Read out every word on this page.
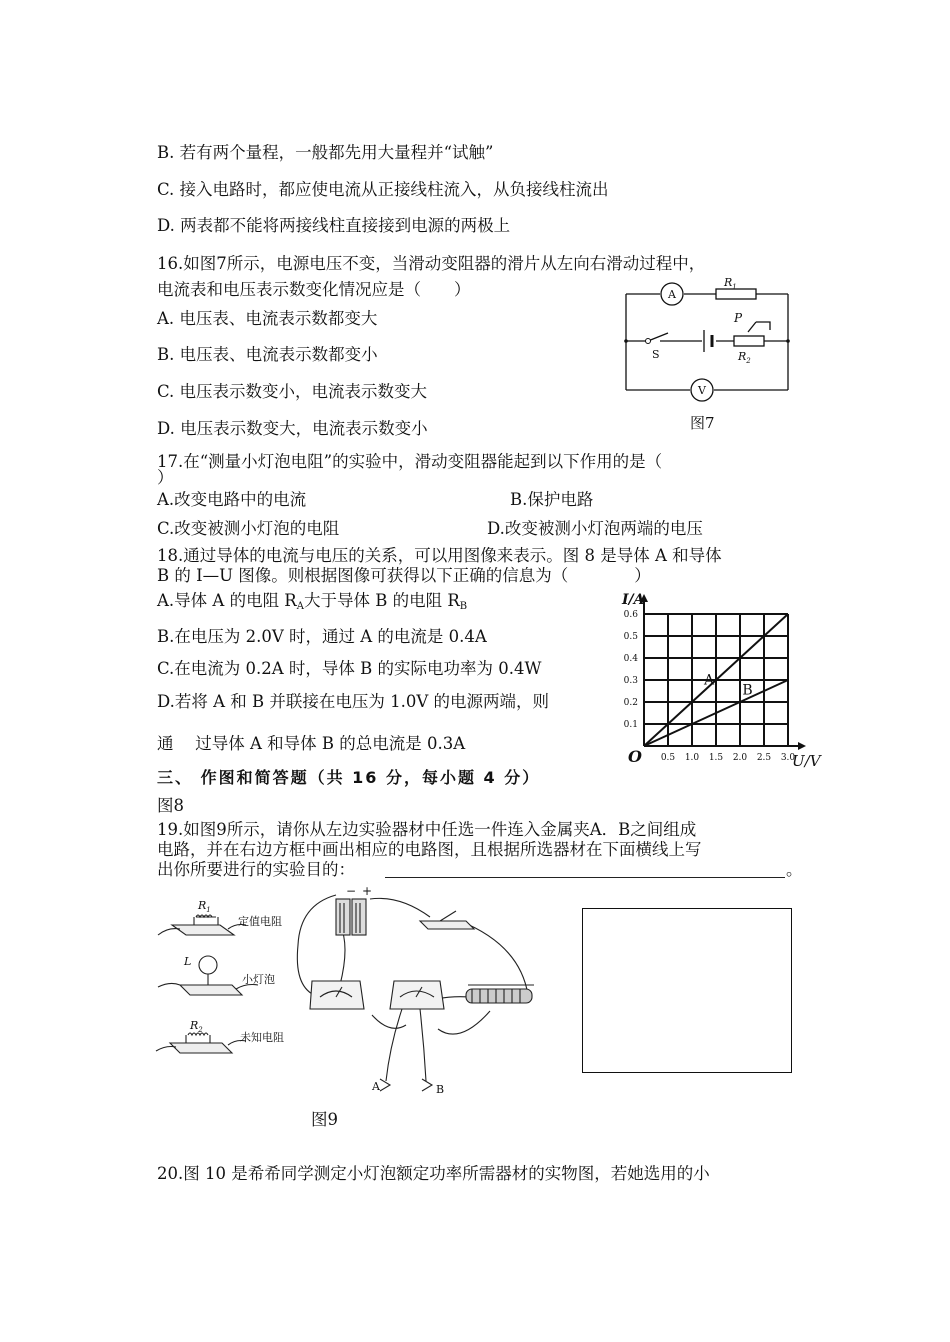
B. 若有两个量程，一般都先用大量程并“试触”
C. 接入电路时，都应使电流从正接线柱流入，从负接线柱流出
D. 两表都不能将两接线柱直接接到电源的两极上
16.如图7所示，电源电压不变，当滑动变阻器的滑片从左向右滑动过程中，
电流表和电压表示数变化情况应是（　　）
A. 电压表、电流表示数都变大
B. 电压表、电流表示数都变小
C. 电压表示数变小，电流表示数变大
D. 电压表示数变大，电流表示数变小
A
$R_1$
S
P
$R_2$
V
图7
17.在“测量小灯泡电阻”的实验中，滑动变阻器能起到以下作用的是（
）
A.改变电路中的电流	B.保护电路
C.改变被测小灯泡的电阻	D.改变被测小灯泡两端的电压
18.通过导体的电流与电压的关系，可以用图像来表示。图 8 是导体 A 和导体
B 的 I—U 图像。则根据图像可获得以下正确的信息为（　　　　）
A.导体 A 的电阻 $R_A$大于导体 B 的电阻 $R_B$
B.在电压为 2.0V 时，通过 A 的电流是 0.4A
C.在电流为 0.2A 时，导体 B 的实际电功率为 0.4W
D.若将 A 和 B 并联接在电压为 1.0V 的电源两端，则
通　 过导体 A 和导体 B 的总电流是 0.3A
0.5 1.0 1.5 2.0 2.5 3.0
0.1
0.2
0.3
0.4
0.5
0.6
I/A
U/V
O
A
B
三、 作图和简答题（共 16 分，每小题 4 分）
图8
19.如图9所示，请你从左边实验器材中任选一件连入金属夹A．B之间组成
电路，并在右边方框中画出相应的电路图，且根据所选器材在下面横线上写
出你所要进行的实验目的：	。
$R_1$
定值电阻
L
小灯泡
$R_2$
未知电阻
− +
A	B
图9
20.图 10 是希希同学测定小灯泡额定功率所需器材的实物图，若她选用的小
